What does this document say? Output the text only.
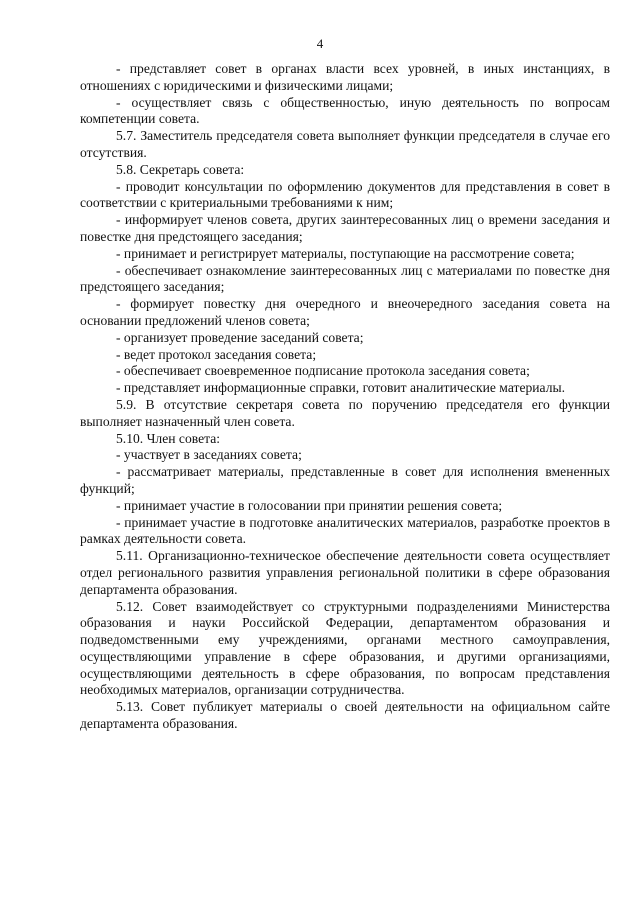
4

- представляет совет в органах власти всех уровней, в иных инстанциях, в отношениях с юридическими и физическими лицами;

- осуществляет связь с общественностью, иную деятельность по вопросам компетенции совета.

5.7. Заместитель председателя совета выполняет функции председателя в случае его отсутствия.

5.8. Секретарь совета:

- проводит консультации по оформлению документов для представления в совет в соответствии с критериальными требованиями к ним;

- информирует членов совета, других заинтересованных лиц о времени заседания и повестке дня предстоящего заседания;

- принимает и регистрирует материалы, поступающие на рассмотрение совета;

- обеспечивает ознакомление заинтересованных лиц с материалами по повестке дня предстоящего заседания;

- формирует повестку дня очередного и внеочередного заседания совета на основании предложений членов совета;

- организует проведение заседаний совета;

- ведет протокол заседания совета;

- обеспечивает своевременное подписание протокола заседания совета;

- представляет информационные справки, готовит аналитические материалы.

5.9. В отсутствие секретаря совета по поручению председателя его функции выполняет назначенный член совета.

5.10. Член совета:

- участвует в заседаниях совета;

- рассматривает материалы, представленные в совет для исполнения вмененных функций;

- принимает участие в голосовании при принятии решения совета;

- принимает участие в подготовке аналитических материалов, разработке проектов в рамках деятельности совета.

5.11. Организационно-техническое обеспечение деятельности совета осуществляет отдел регионального развития управления региональной политики в сфере образования департамента образования.

5.12. Совет взаимодействует со структурными подразделениями Министерства образования и науки Российской Федерации, департаментом образования и подведомственными ему учреждениями, органами местного самоуправления, осуществляющими управление в сфере образования, и другими организациями, осуществляющими деятельность в сфере образования, по вопросам представления необходимых материалов, организации сотрудничества.

5.13. Совет публикует материалы о своей деятельности на официальном сайте департамента образования.
